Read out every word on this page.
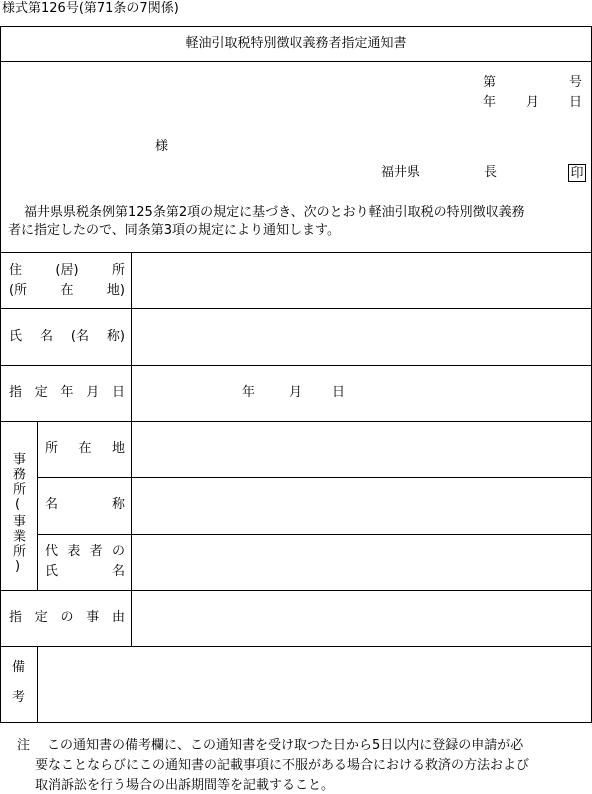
様式第126号(第71条の7関係)
軽油引取税特別徴収義務者指定通知書
第	号
年 月 日
様
福井県	長	印
福井県県税条例第125条第2項の規定に基づき、次のとおり軽油引取税の特別徴収義務
者に指定したので、同条第3項の規定により通知します。
住	(居)	所
(所	在	地)
氏 名 (名 称)
指 定 年 月 日	年	月 日
事務所(事業所)
所 在 地
名	称
代 表 者 の
氏	名
指 定 の 事 由
備
考
注 この通知書の備考欄に、この通知書を受け取つた日から5日以内に登録の申請が必
要なことならびにこの通知書の記載事項に不服がある場合における救済の方法および
取消訴訟を行う場合の出訴期間等を記載すること。
